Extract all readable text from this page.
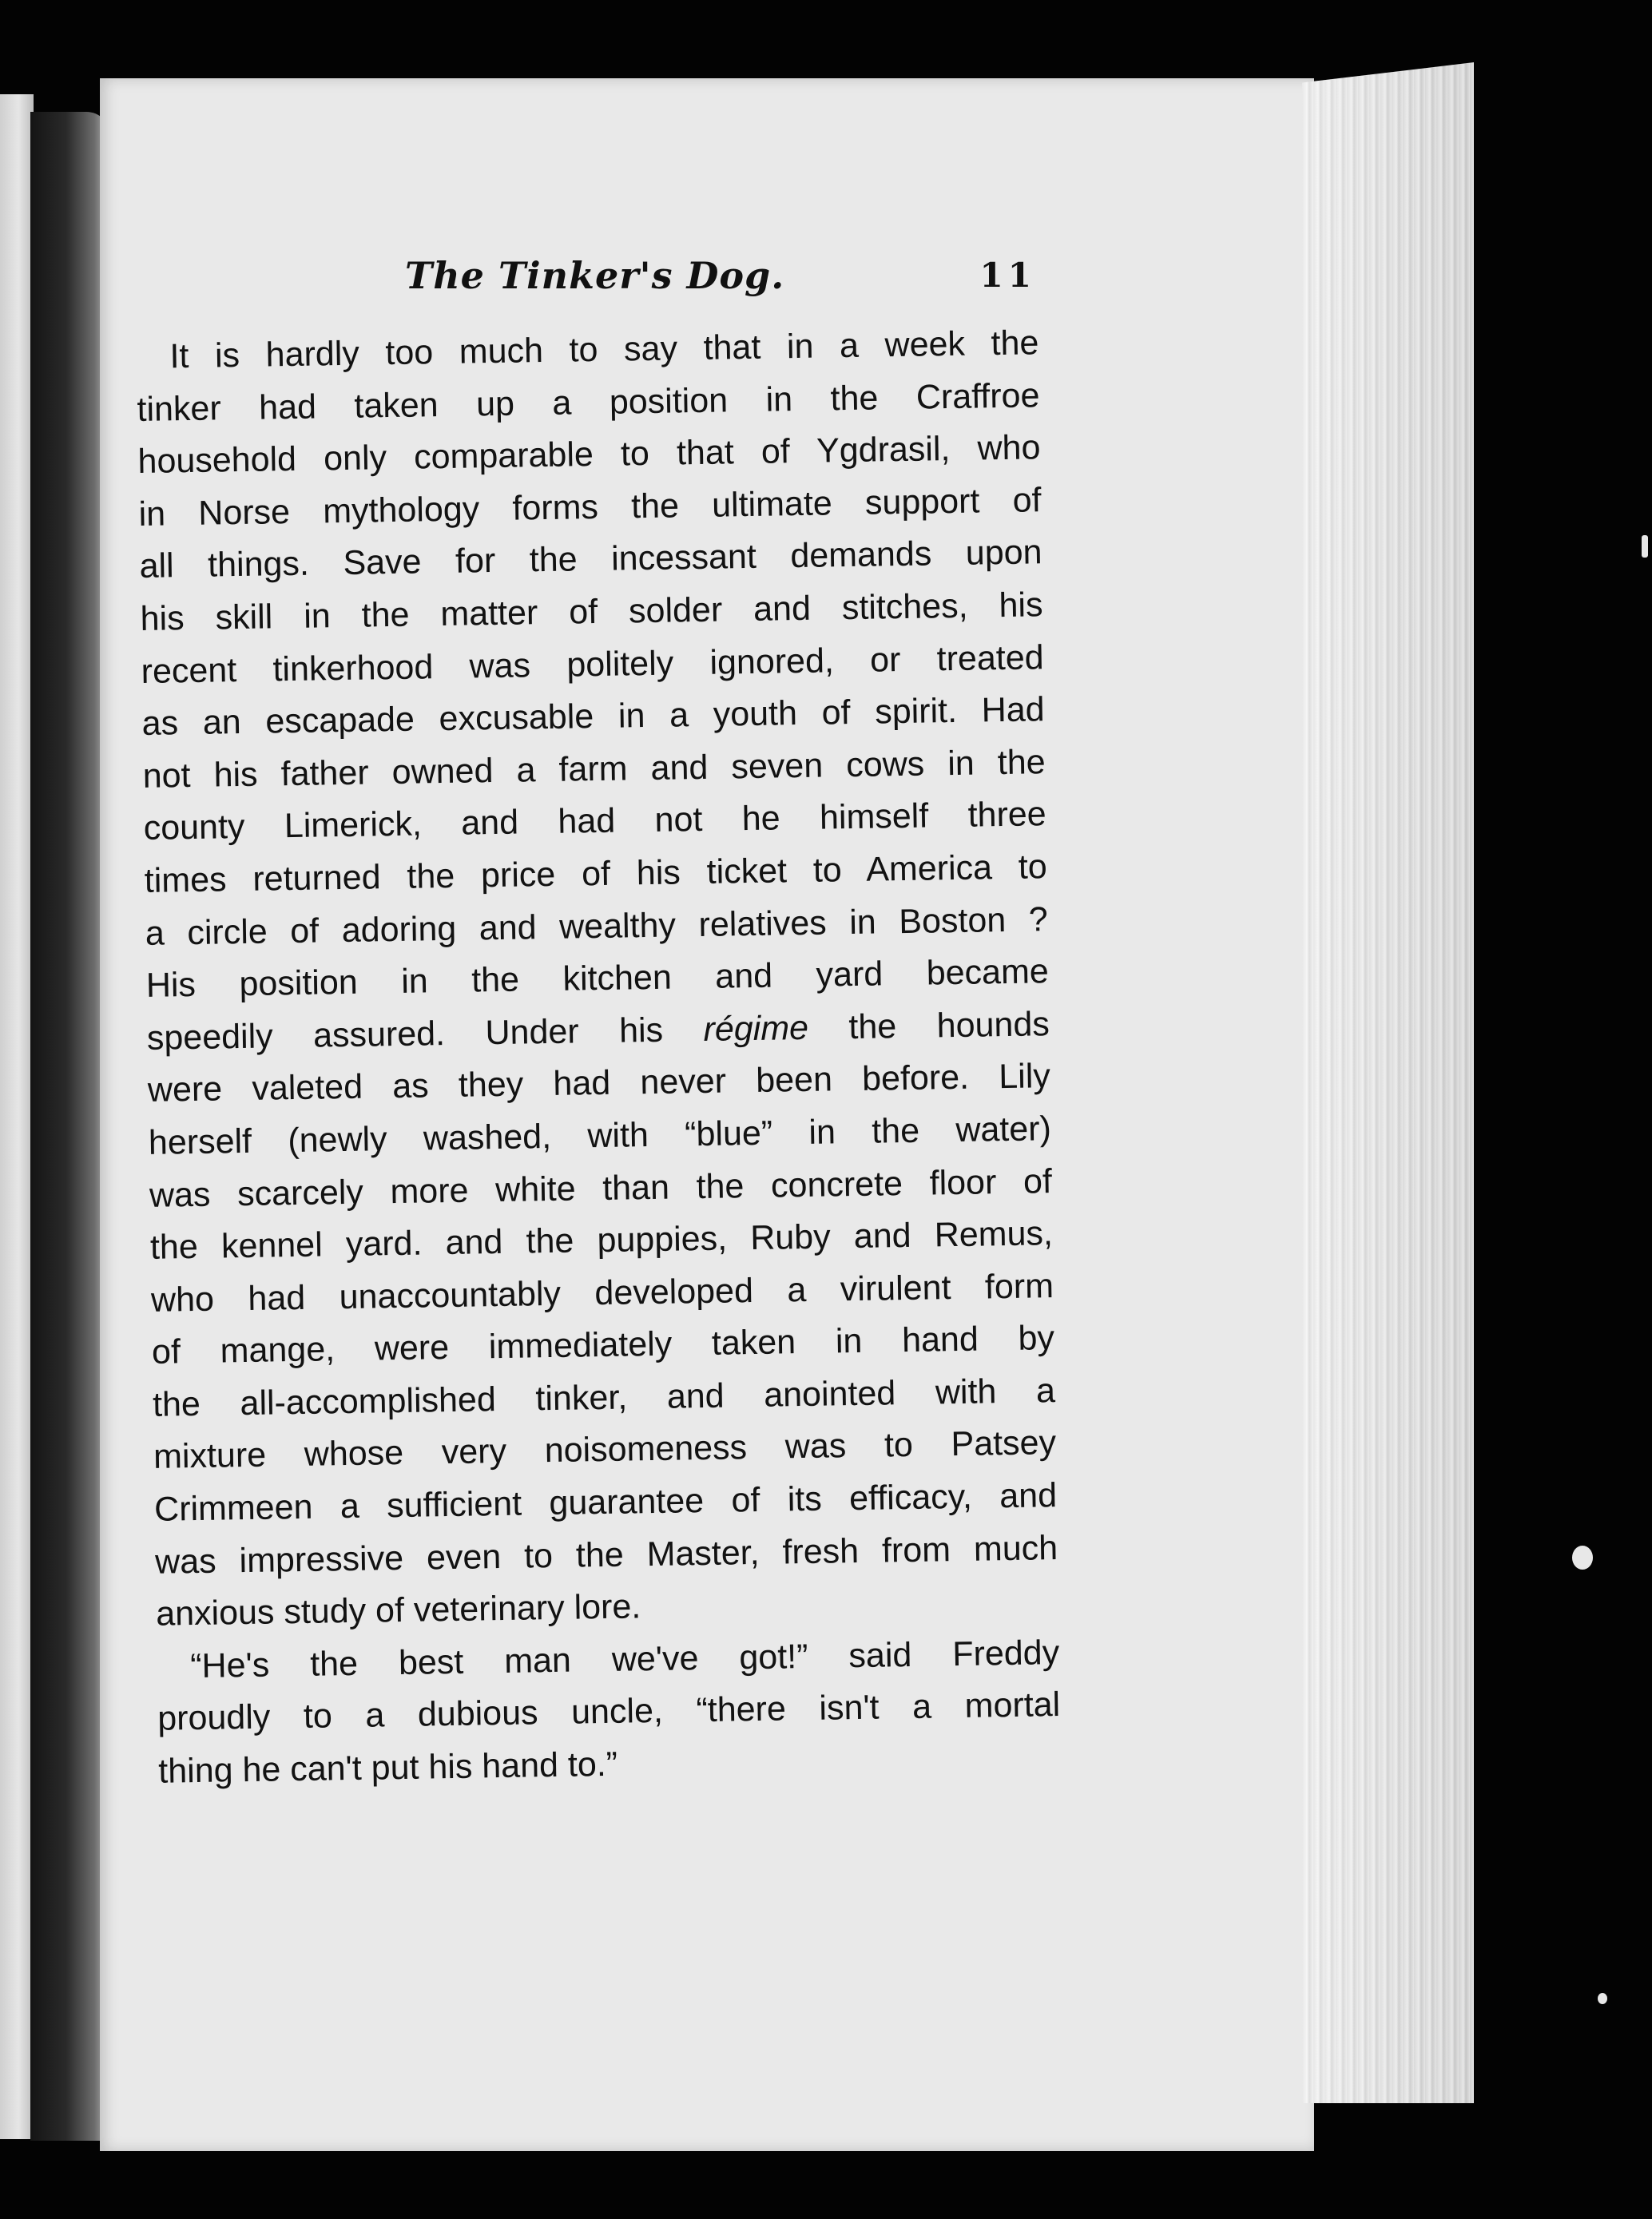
The Tinker's Dog.	11
It is hardly too much to say that in a week the
tinker had taken up a position in the Craffroe
household only comparable to that of Ygdrasil, who
in Norse mythology forms the ultimate support of
all things. Save for the incessant demands upon
his skill in the matter of solder and stitches, his
recent tinkerhood was politely ignored, or treated
as an escapade excusable in a youth of spirit. Had
not his father owned a farm and seven cows in the
county Limerick, and had not he himself three
times returned the price of his ticket to America to
a circle of adoring and wealthy relatives in Boston ?
His position in the kitchen and yard became
speedily assured. Under his régime the hounds
were valeted as they had never been before. Lily
herself (newly washed, with “blue” in the water)
was scarcely more white than the concrete floor of
the kennel yard. and the puppies, Ruby and Remus,
who had unaccountably developed a virulent form
of mange, were immediately taken in hand by
the all-accomplished tinker, and anointed with a
mixture whose very noisomeness was to Patsey
Crimmeen a sufficient guarantee of its efficacy, and
was impressive even to the Master, fresh from much
anxious study of veterinary lore.
“He's the best man we've got!” said Freddy
proudly to a dubious uncle, “there isn't a mortal
thing he can't put his hand to.”
